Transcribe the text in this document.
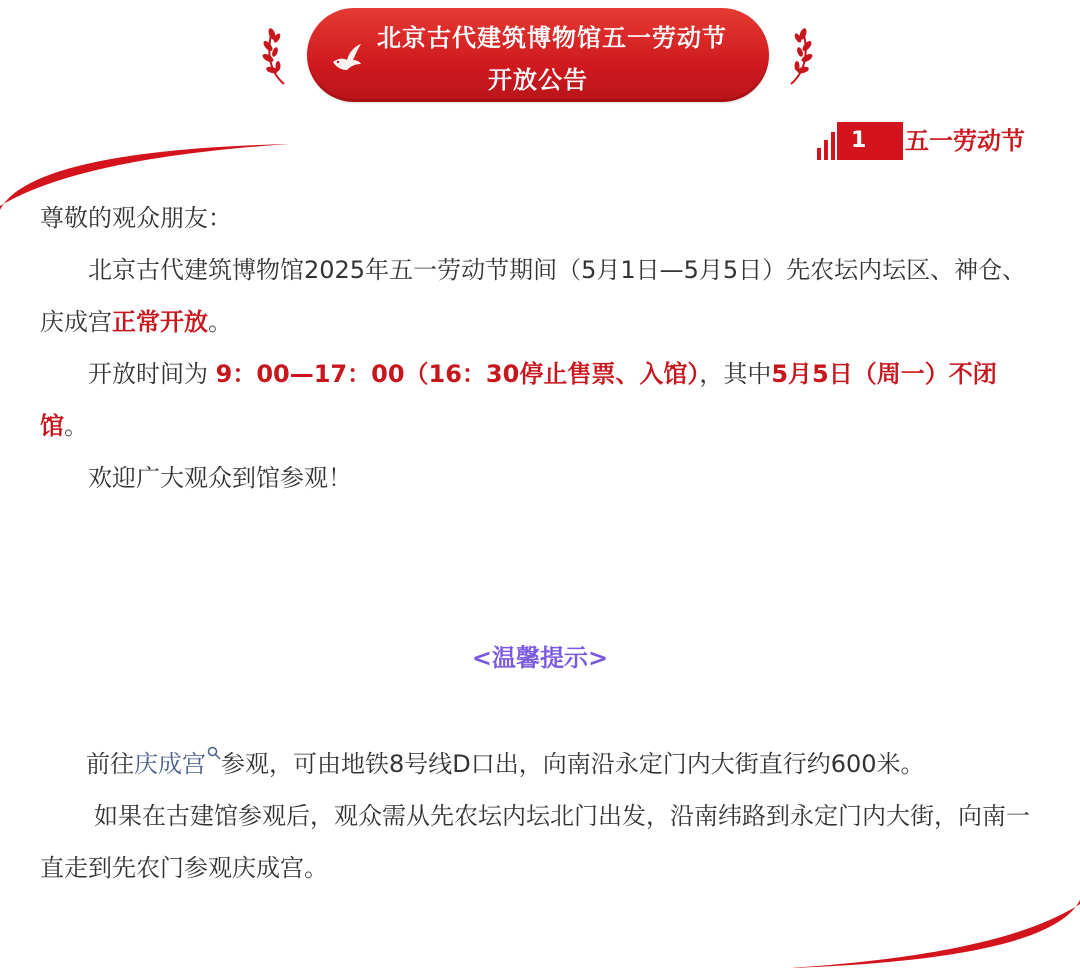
北京古代建筑博物馆五一劳动节
开放公告
1	五一劳动节

尊敬的观众朋友：

北京古代建筑博物馆2025年五一劳动节期间（5月1日—5月5日）先农坛内坛区、神仓、庆成宫正常开放。

开放时间为 9：00—17：00（16：30停止售票、入馆），其中5月5日（周一）不闭馆。

欢迎广大观众到馆参观！

<温馨提示>

前往庆成宫 参观，可由地铁8号线D口出，向南沿永定门内大街直行约600米。

如果在古建馆参观后，观众需从先农坛内坛北门出发，沿南纬路到永定门内大街，向南一直走到先农门参观庆成宫。
